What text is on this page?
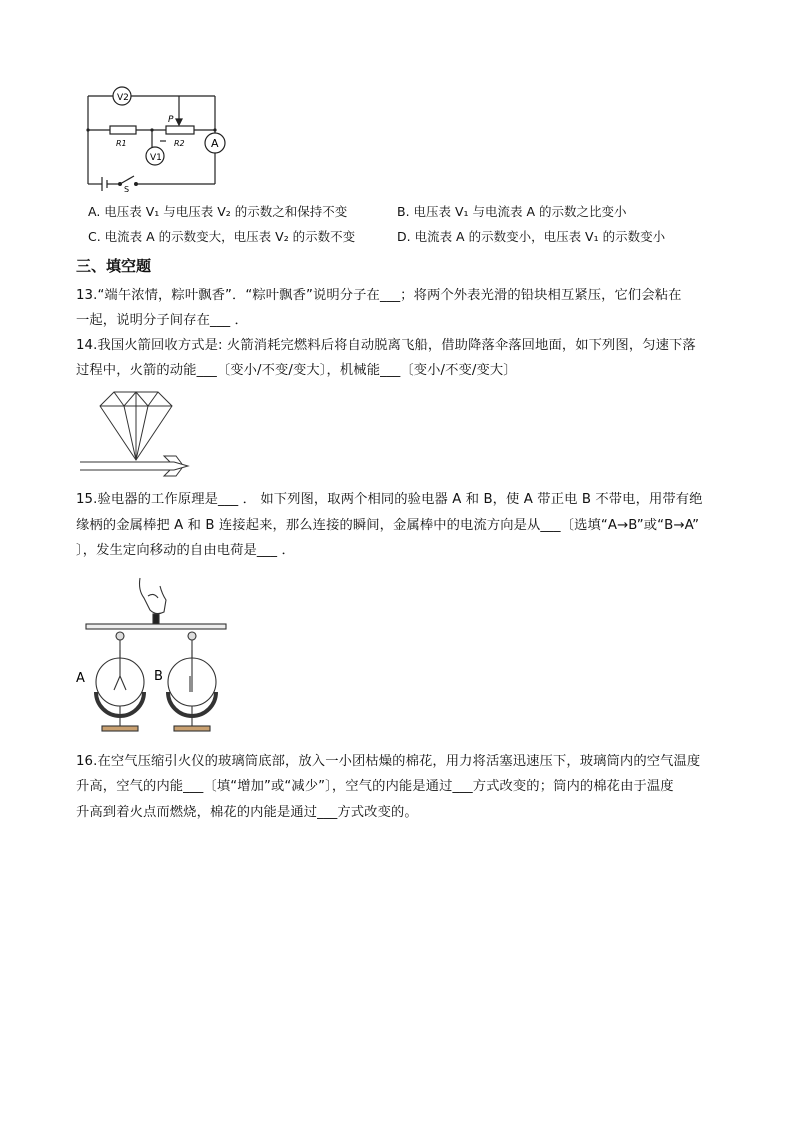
V2
V1
A
R1	R2
P
S
A. 电压表 V₁ 与电压表 V₂ 的示数之和保持不变	B. 电压表 V₁ 与电流表 A 的示数之比变小
C. 电流表 A 的示数变大，电压表 V₂ 的示数不变	D. 电流表 A 的示数变小，电压表 V₁ 的示数变小
三、填空题
13.“端午浓情，粽叶飘香”．“粽叶飘香”说明分子在___；将两个外表光滑的铅块相互紧压，它们会粘在
一起，说明分子间存在___ ．
14.我国火箭回收方式是: 火箭消耗完燃料后将自动脱离飞船，借助降落伞落回地面，如下列图，匀速下落
过程中，火箭的动能___〔变小/不变/变大〕，机械能___〔变小/不变/变大〕
15.验电器的工作原理是___ ． 如下列图，取两个相同的验电器 A 和 B，使 A 带正电 B 不带电，用带有绝
缘柄的金属棒把 A 和 B 连接起来，那么连接的瞬间，金属棒中的电流方向是从___〔选填“A→B”或“B→A”
〕，发生定向移动的自由电荷是___ ．
A	B
16.在空气压缩引火仪的玻璃筒底部，放入一小团枯燥的棉花，用力将活塞迅速压下，玻璃筒内的空气温度
升高，空气的内能___〔填“增加”或“减少”〕，空气的内能是通过___方式改变的；筒内的棉花由于温度
升高到着火点而燃烧，棉花的内能是通过___方式改变的。
